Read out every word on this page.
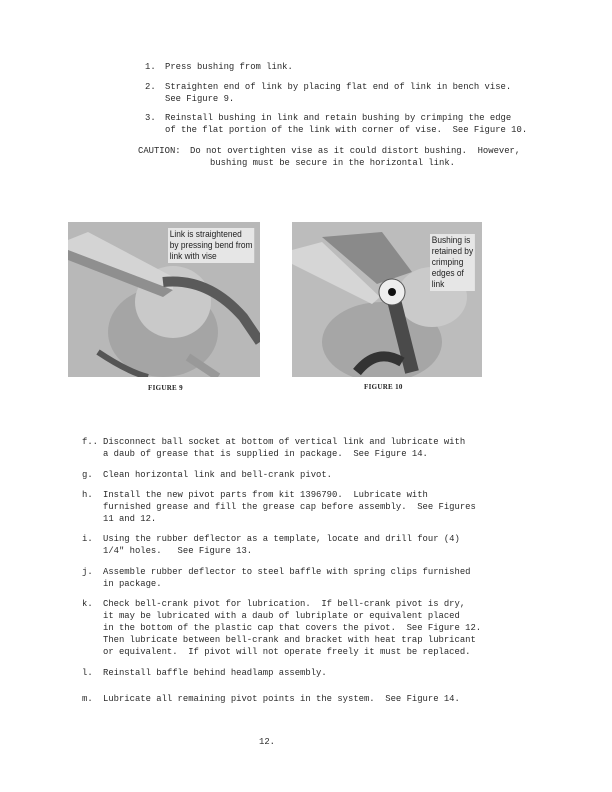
1. Press bushing from link.
2. Straighten end of link by placing flat end of link in bench vise.
See Figure 9.
3. Reinstall bushing in link and retain bushing by crimping the edge
of the flat portion of the link with corner of vise.  See Figure 10.
CAUTION: Do not overtighten vise as it could distort bushing.  However,
bushing must be secure in the horizontal link.
Link is straightened
by pressing bend from
link with vise
FIGURE 9
Bushing is
retained by
crimping
edges of
link
FIGURE 10
f.. Disconnect ball socket at bottom of vertical link and lubricate with
a daub of grease that is supplied in package.  See Figure 14.
g. Clean horizontal link and bell-crank pivot.
h. Install the new pivot parts from kit 1396790.  Lubricate with
furnished grease and fill the grease cap before assembly.  See Figures
11 and 12.
i. Using the rubber deflector as a template, locate and drill four (4)
1/4" holes.   See Figure 13.
j. Assemble rubber deflector to steel baffle with spring clips furnished
in package.
k. Check bell-crank pivot for lubrication.  If bell-crank pivot is dry,
it may be lubricated with a daub of lubriplate or equivalent placed
in the bottom of the plastic cap that covers the pivot.  See Figure 12.
Then lubricate between bell-crank and bracket with heat trap lubricant
or equivalent.  If pivot will not operate freely it must be replaced.
l. Reinstall baffle behind headlamp assembly.
m. Lubricate all remaining pivot points in the system.  See Figure 14.
12.
